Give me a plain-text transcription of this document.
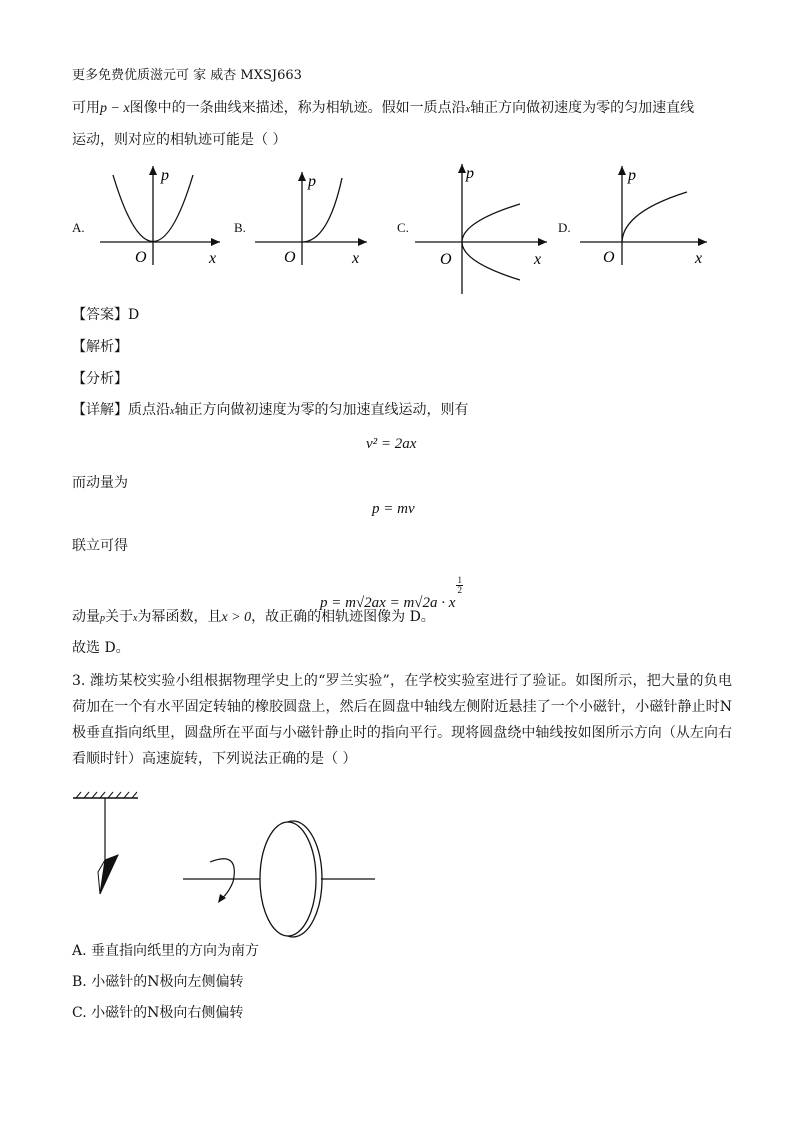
更多免费优质滋元可 家 威杏 MXSJ663
可用p − x图像中的一条曲线来描述，称为相轨迹。假如一质点沿x轴正方向做初速度为零的匀加速直线
运动，则对应的相轨迹可能是（ ）
A.
p
O	x
B.
p
O	x
C.
p
O	x
D.
p
O	x
【答案】D
【解析】
【分析】
【详解】质点沿x轴正方向做初速度为零的匀加速直线运动，则有
v² = 2ax
而动量为
p = mv
联立可得
p = m√2ax = m√2a · x
$\frac{1}{2}$
动量p关于x为幂函数，且x > 0，故正确的相轨迹图像为 D。
故选 D。
3. 潍坊某校实验小组根据物理学史上的“罗兰实验”，在学校实验室进行了验证。如图所示，把大量的负电荷加在一个有水平固定转轴的橡胶圆盘上，然后在圆盘中轴线左侧附近悬挂了一个小磁针，小磁针静止时N极垂直指向纸里，圆盘所在平面与小磁针静止时的指向平行。现将圆盘绕中轴线按如图所示方向（从左向右看顺时针）高速旋转，下列说法正确的是（ ）
A. 垂直指向纸里的方向为南方
B. 小磁针的N极向左侧偏转
C. 小磁针的N极向右侧偏转
